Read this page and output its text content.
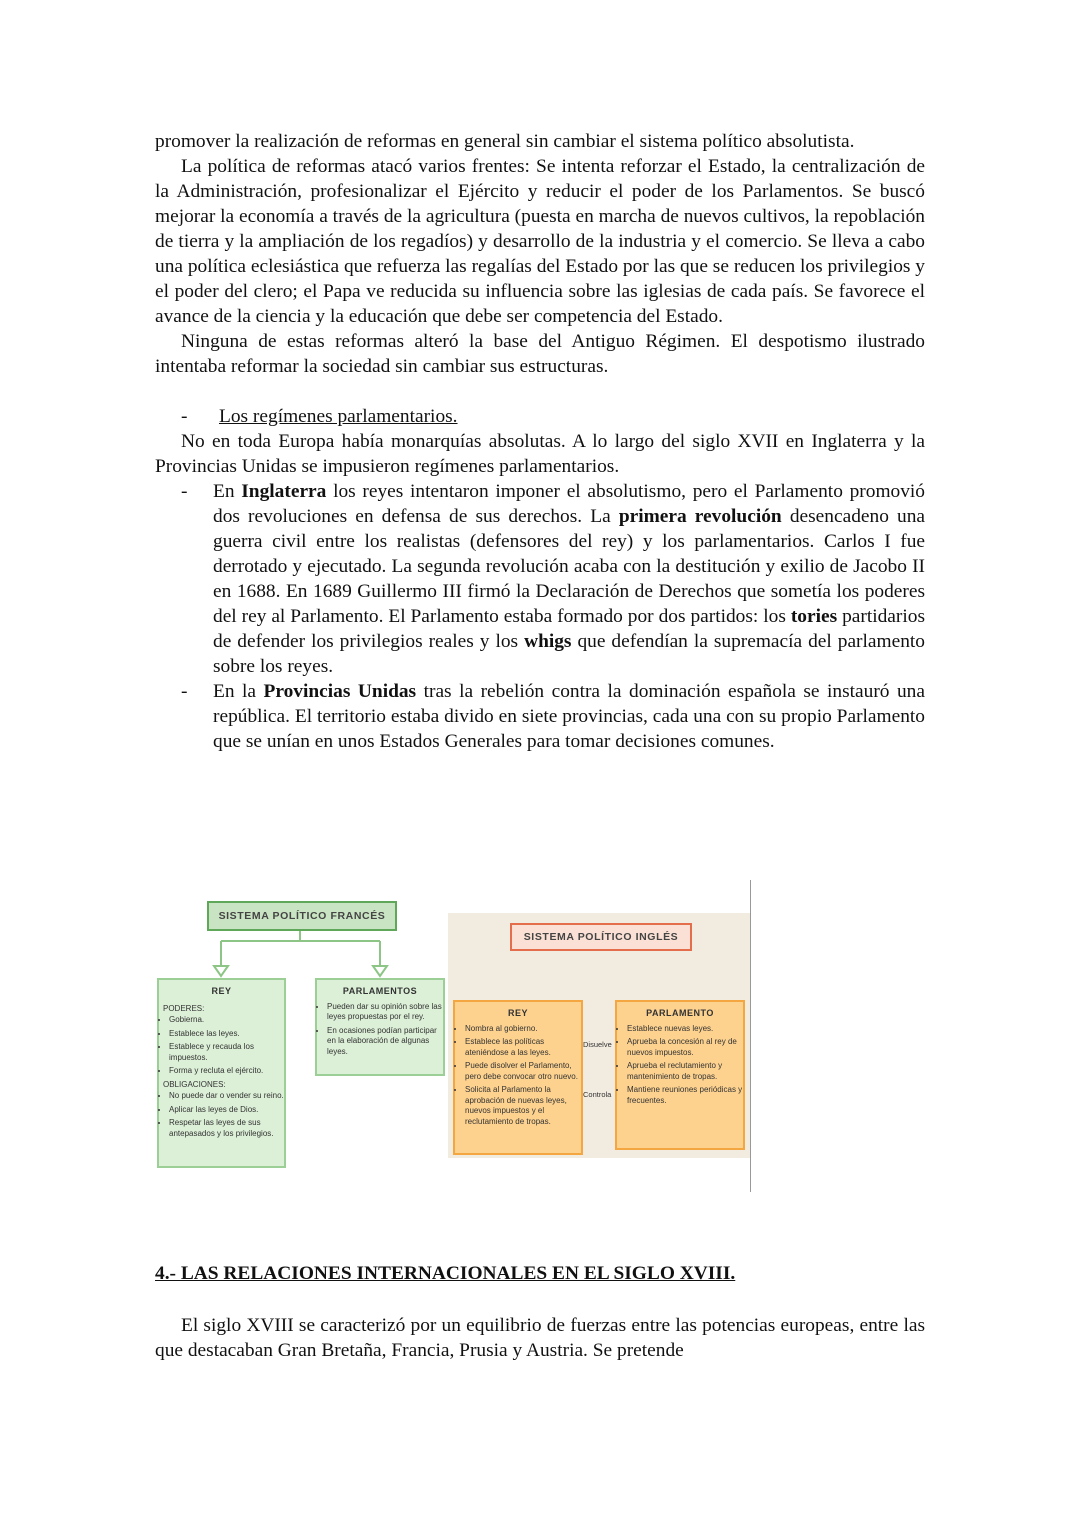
promover la realización de reformas en general sin cambiar el sistema político absolutista.

La política de reformas atacó varios frentes: Se intenta reforzar el Estado, la centralización de la Administración, profesionalizar el Ejército y reducir el poder de los Parlamentos. Se buscó mejorar la economía a través de la agricultura (puesta en marcha de nuevos cultivos, la repoblación de tierra y la ampliación de los regadíos) y desarrollo de la industria y el comercio. Se lleva a cabo una política eclesiástica que refuerza las regalías del Estado por las que se reducen los privilegios y el poder del clero; el Papa ve reducida su influencia sobre las iglesias de cada país. Se favorece el avance de la ciencia y la educación que debe ser competencia del Estado.

Ninguna de estas reformas alteró la base del Antiguo Régimen. El despotismo ilustrado intentaba reformar la sociedad sin cambiar sus estructuras.

-	Los regímenes parlamentarios.

No en toda Europa había monarquías absolutas. A lo largo del siglo XVII en Inglaterra y la Provincias Unidas se impusieron regímenes parlamentarios.

-	En Inglaterra los reyes intentaron imponer el absolutismo, pero el Parlamento promovió dos revoluciones en defensa de sus derechos. La primera revolución desencadeno una guerra civil entre los realistas (defensores del rey) y los parlamentarios. Carlos I fue derrotado y ejecutado. La segunda revolución acaba con la destitución y exilio de Jacobo II en 1688. En 1689 Guillermo III firmó la Declaración de Derechos que sometía los poderes del rey al Parlamento. El Parlamento estaba formado por dos partidos: los tories partidarios de defender los privilegios reales y los whigs que defendían la supremacía del parlamento sobre los reyes.
-	En la Provincias Unidas tras la rebelión contra la dominación española se instauró una república. El territorio estaba divido en siete provincias, cada una con su propio Parlamento que se unían en unos Estados Generales para tomar decisiones comunes.
SISTEMA POLÍTICO FRANCÉS
REY
PODERES:
• Gobierna.
• Establece las leyes.
• Establece y recauda los impuestos.
• Forma y recluta el ejército.
OBLIGACIONES:
• No puede dar o vender su reino.
• Aplicar las leyes de Dios.
• Respetar las leyes de sus antepasados y los privilegios.
PARLAMENTOS
• Pueden dar su opinión sobre las leyes propuestas por el rey.
• En ocasiones podían participar en la elaboración de algunas leyes.
SISTEMA POLÍTICO INGLÉS
REY
• Nombra al gobierno.
• Establece las políticas ateniéndose a las leyes.
• Puede disolver el Parlamento, pero debe convocar otro nuevo.
• Solicita al Parlamento la aprobación de nuevas leyes, nuevos impuestos y el reclutamiento de tropas.
PARLAMENTO
• Establece nuevas leyes.
• Aprueba la concesión al rey de nuevos impuestos.
• Aprueba el reclutamiento y mantenimiento de tropas.
• Mantiene reuniones periódicas y frecuentes.
Disuelve
Controla
4.- LAS RELACIONES INTERNACIONALES EN EL SIGLO XVIII.

El siglo XVIII se caracterizó por un equilibrio de fuerzas entre las potencias europeas, entre las que destacaban Gran Bretaña, Francia, Prusia y Austria. Se pretende
